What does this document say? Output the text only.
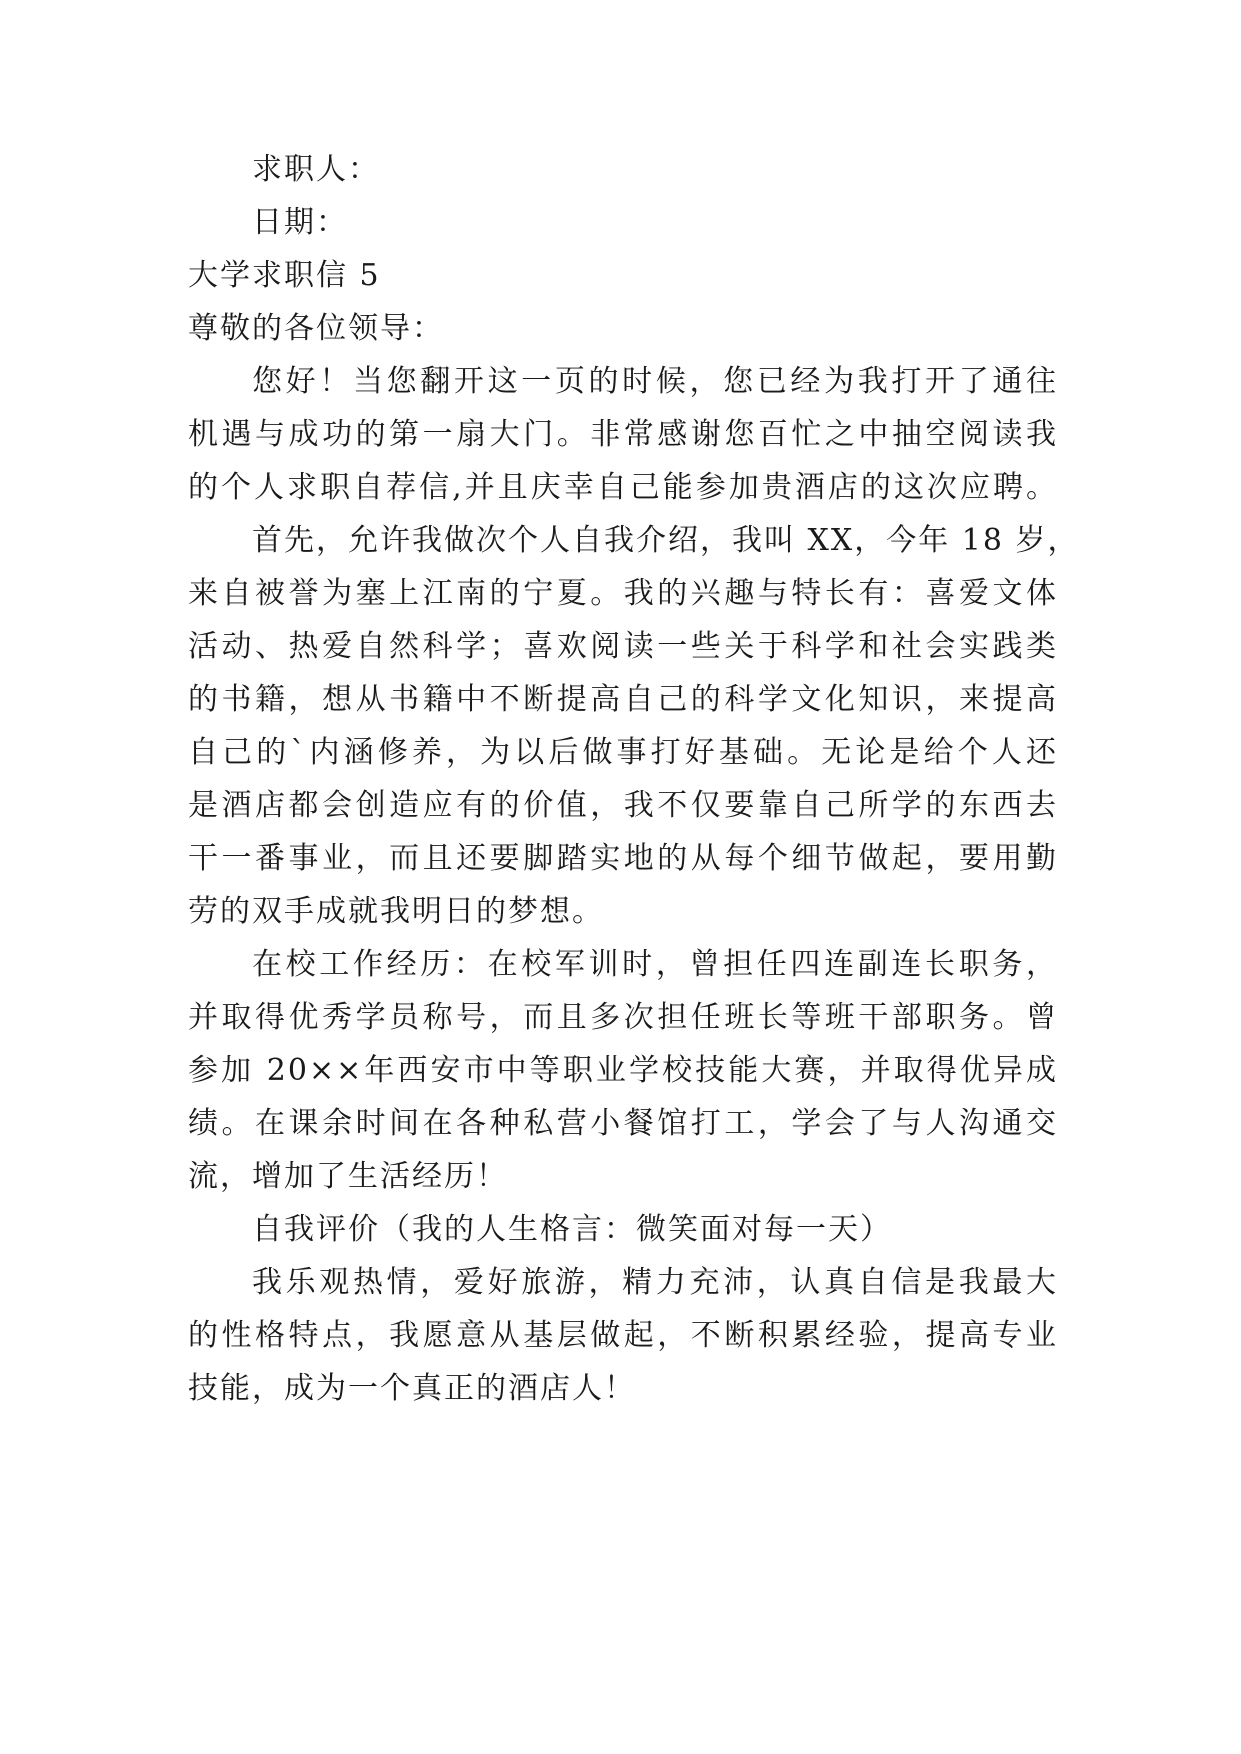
求职人：
日期：
大学求职信 5
尊敬的各位领导：
您好！当您翻开这一页的时候，您已经为我打开了通往
机遇与成功的第一扇大门。非常感谢您百忙之中抽空阅读我
的个人求职自荐信,并且庆幸自己能参加贵酒店的这次应聘。
首先，允许我做次个人自我介绍，我叫 XX，今年 18 岁，
来自被誉为塞上江南的宁夏。我的兴趣与特长有：喜爱文体
活动、热爱自然科学；喜欢阅读一些关于科学和社会实践类
的书籍，想从书籍中不断提高自己的科学文化知识，来提高
自己的`内涵修养，为以后做事打好基础。无论是给个人还
是酒店都会创造应有的价值，我不仅要靠自己所学的东西去
干一番事业，而且还要脚踏实地的从每个细节做起，要用勤
劳的双手成就我明日的梦想。
在校工作经历：在校军训时，曾担任四连副连长职务，
并取得优秀学员称号，而且多次担任班长等班干部职务。曾
参加 20××年西安市中等职业学校技能大赛，并取得优异成
绩。在课余时间在各种私营小餐馆打工，学会了与人沟通交
流，增加了生活经历！
自我评价（我的人生格言：微笑面对每一天）
我乐观热情，爱好旅游，精力充沛，认真自信是我最大
的性格特点，我愿意从基层做起，不断积累经验，提高专业
技能，成为一个真正的酒店人！
